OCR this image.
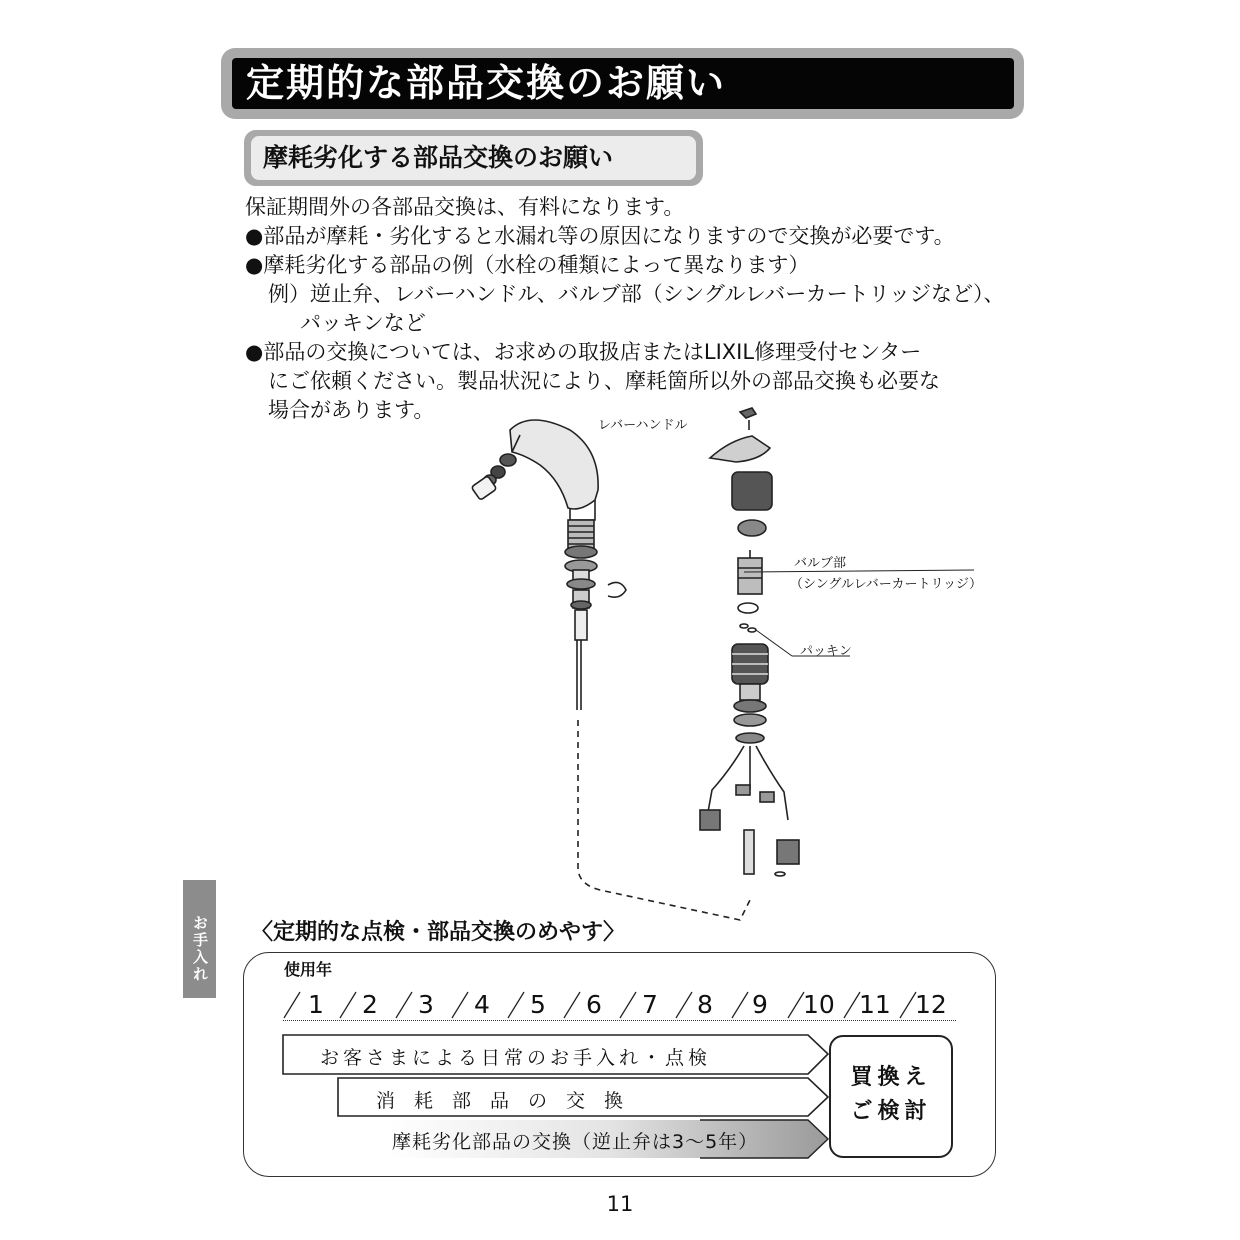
定期的な部品交換のお願い
摩耗劣化する部品交換のお願い
保証期間外の各部品交換は、有料になります。
●部品が摩耗・劣化すると水漏れ等の原因になりますので交換が必要です。
●摩耗劣化する部品の例（水栓の種類によって異なります）
例）逆止弁、レバーハンドル、バルブ部（シングルレバーカートリッジなど）、
パッキンなど
●部品の交換については、お求めの取扱店またはLIXIL修理受付センター
にご依頼ください。製品状況により、摩耗箇所以外の部品交換も必要な
場合があります。
レバーハンドル
バルブ部
（シングルレバーカートリッジ）
パッキン
お手入れ	〈定期的な点検・部品交換のめやす〉
使用年
1 2 3 4 5 6 7 8 9 10 11 12
お客さまによる日常のお手入れ・点検
消　耗　部　品　の　交　換
摩耗劣化部品の交換（逆止弁は3〜5年）
買換え
ご検討
11
